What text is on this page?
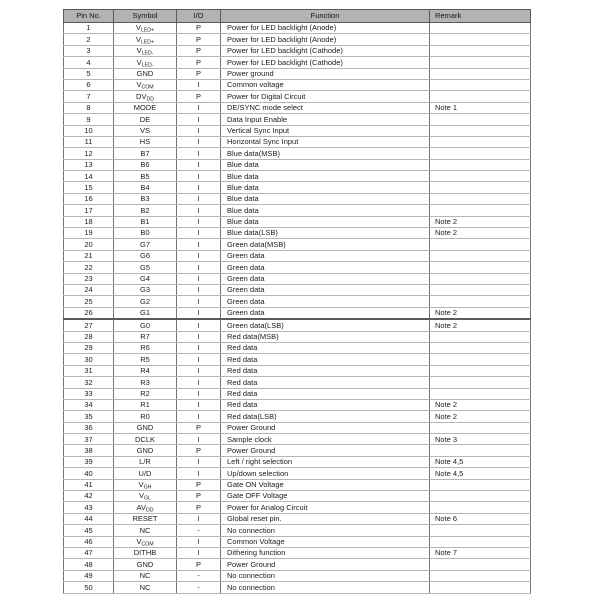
Pin No.	Symbol	I/O	Function	Remark
1	$V_{LED+}$	P	Power for LED backlight (Anode)	
2	$V_{LED+}$	P	Power for LED backlight (Anode)	
3	$V_{LED-}$	P	Power for LED backlight (Cathode)	
4	$V_{LED-}$	P	Power for LED backlight (Cathode)	
5	GND	P	Power ground	
6	$V_{COM}$	I	Common voltage	
7	$DV_{DD}$	P	Power for Digital Circuit	
8	MODE	I	DE/SYNC mode select	Note 1
9	DE	I	Data Input Enable	
10	VS	I	Vertical Sync Input	
11	HS	I	Horizontal Sync Input	
12	B7	I	Blue data(MSB)	
13	B6	I	Blue data	
14	B5	I	Blue data	
15	B4	I	Blue data	
16	B3	I	Blue data	
17	B2	I	Blue data	
18	B1	I	Blue data	Note 2
19	B0	I	Blue data(LSB)	Note 2
20	G7	I	Green data(MSB)	
21	G6	I	Green data	
22	G5	I	Green data	
23	G4	I	Green data	
24	G3	I	Green data	
25	G2	I	Green data	
26	G1	I	Green data	Note 2
27	G0	I	Green data(LSB)	Note 2
28	R7	I	Red data(MSB)	
29	R6	I	Red data	
30	R5	I	Red data	
31	R4	I	Red data	
32	R3	I	Red data	
33	R2	I	Red data	
34	R1	I	Red data	Note 2
35	R0	I	Red data(LSB)	Note 2
36	GND	P	Power Ground	
37	DCLK	I	Sample clock	Note 3
38	GND	P	Power Ground	
39	L/R	I	Left / right selection	Note 4,5
40	U/D	I	Up/down selection	Note 4,5
41	$V_{GH}$	P	Gate ON Voltage	
42	$V_{GL}$	P	Gate OFF Voltage	
43	$AV_{DD}$	P	Power for Analog Circuit	
44	RESET	I	Global reset pin.	Note 6
45	NC	-	No connection	
46	$V_{COM}$	I	Common Voltage	
47	DITHB	I	Dithering function	Note 7
48	GND	P	Power Ground	
49	NC	-	No connection	
50	NC	-	No connection	
